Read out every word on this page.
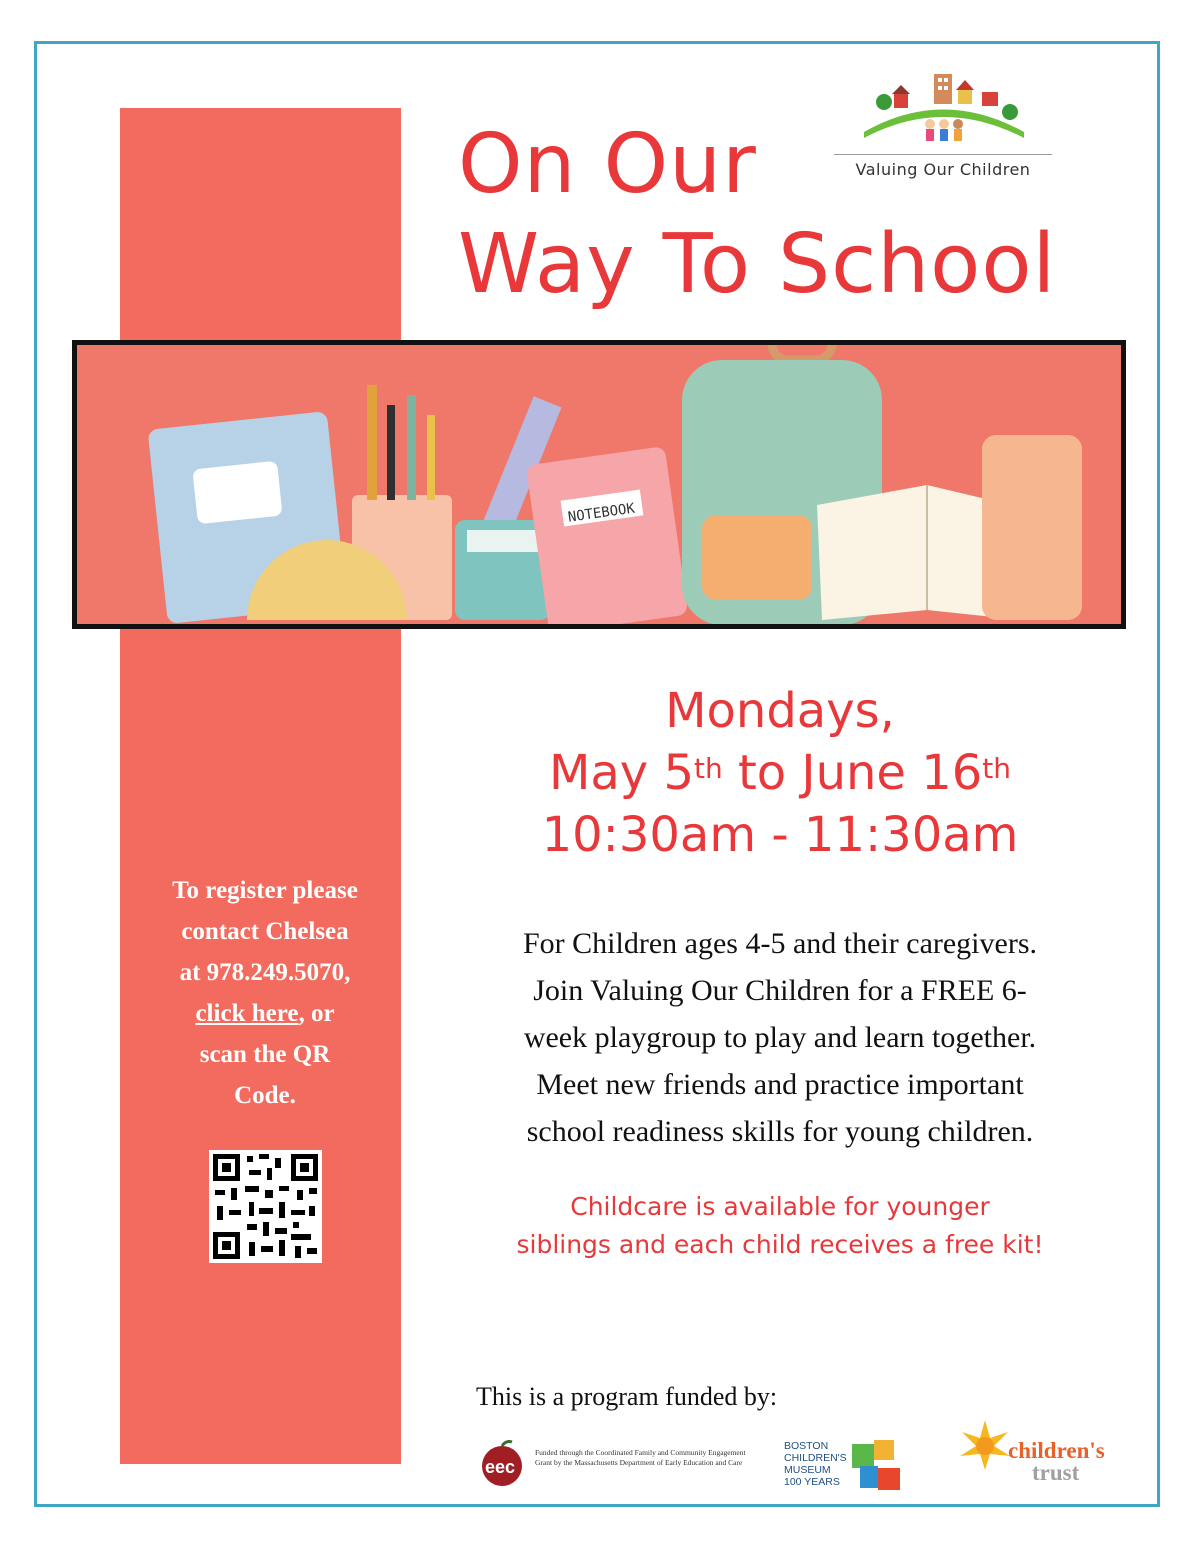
On Our
Way To School
Valuing Our Children
NOTEBOOK
Mondays,
May 5th to June 16th
10:30am - 11:30am
For Children ages 4-5 and their caregivers.
Join Valuing Our Children for a FREE 6-
week playgroup to play and learn together.
Meet new friends and practice important
school readiness skills for young children.
Childcare is available for younger
siblings and each child receives a free kit!
To register please
contact Chelsea
at 978.249.5070,
click here, or
scan the QR
Code.
This is a program funded by:
eec
Funded through the Coordinated Family and Community Engagement Grant by the Massachusetts Department of Early Education and Care
BOSTON
CHILDREN'S
MUSEUM
100 YEARS
children's
trust
